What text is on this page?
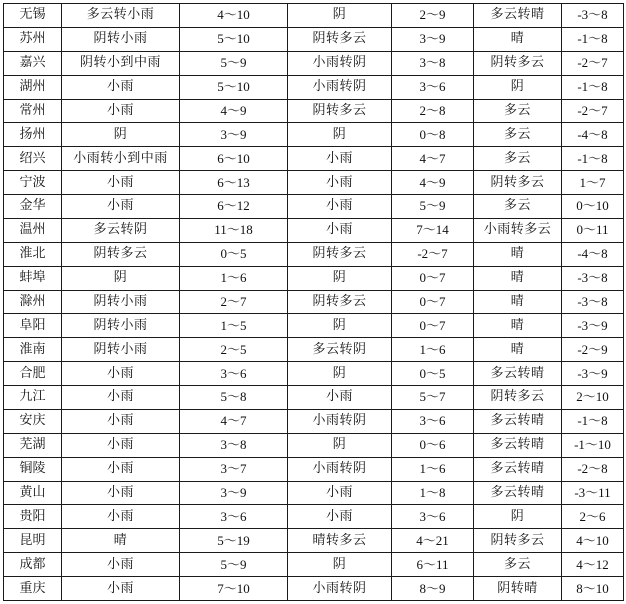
无锡	多云转小雨	4～10	阴	2～9	多云转晴	-3～8
苏州	阴转小雨	5～10	阴转多云	3～9	晴	-1～8
嘉兴	阴转小到中雨	5～9	小雨转阴	3～8	阴转多云	-2～7
湖州	小雨	5～10	小雨转阴	3～6	阴	-1～8
常州	小雨	4～9	阴转多云	2～8	多云	-2～7
扬州	阴	3～9	阴	0～8	多云	-4～8
绍兴	小雨转小到中雨	6～10	小雨	4～7	多云	-1～8
宁波	小雨	6～13	小雨	4～9	阴转多云	1～7
金华	小雨	6～12	小雨	5～9	多云	0～10
温州	多云转阴	11～18	小雨	7～14	小雨转多云	0～11
淮北	阴转多云	0～5	阴转多云	-2～7	晴	-4～8
蚌埠	阴	1～6	阴	0～7	晴	-3～8
滁州	阴转小雨	2～7	阴转多云	0～7	晴	-3～8
阜阳	阴转小雨	1～5	阴	0～7	晴	-3～9
淮南	阴转小雨	2～5	多云转阴	1～6	晴	-2～9
合肥	小雨	3～6	阴	0～5	多云转晴	-3～9
九江	小雨	5～8	小雨	5～7	阴转多云	2～10
安庆	小雨	4～7	小雨转阴	3～6	多云转晴	-1～8
芜湖	小雨	3～8	阴	0～6	多云转晴	-1～10
铜陵	小雨	3～7	小雨转阴	1～6	多云转晴	-2～8
黄山	小雨	3～9	小雨	1～8	多云转晴	-3～11
贵阳	小雨	3～6	小雨	3～6	阴	2～6
昆明	晴	5～19	晴转多云	4～21	阴转多云	4～10
成都	小雨	5～9	阴	6～11	多云	4～12
重庆	小雨	7～10	小雨转阴	8～9	阴转晴	8～10
